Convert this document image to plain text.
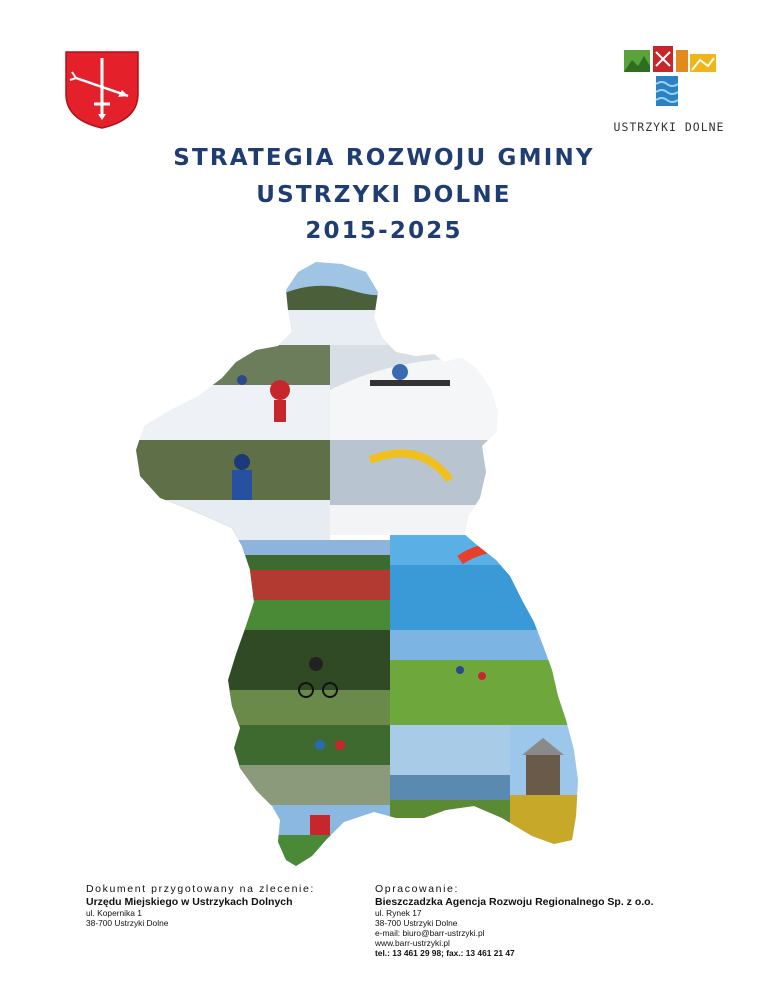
USTRZYKI DOLNE
STRATEGIA ROZWOJU GMINY
USTRZYKI DOLNE
2015-2025
Dokument przygotowany na zlecenie:
Urzędu Miejskiego w Ustrzykach Dolnych
ul. Kopernika 1
38-700 Ustrzyki Dolne
Opracowanie:
Bieszczadzka Agencja Rozwoju Regionalnego Sp. z o.o.
ul. Rynek 17
38-700 Ustrzyki Dolne
e-mail: biuro@barr-ustrzyki.pl
www.barr-ustrzyki.pl
tel.: 13 461 29 98; fax.: 13 461 21 47
